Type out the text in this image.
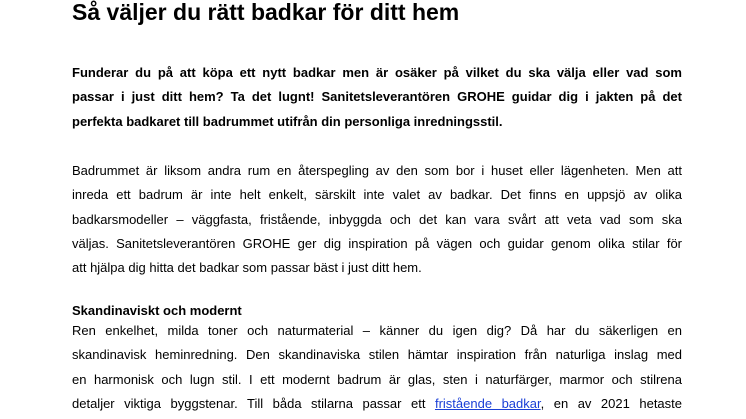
Så väljer du rätt badkar för ditt hem
Funderar du på att köpa ett nytt badkar men är osäker på vilket du ska välja eller vad som
passar i just ditt hem? Ta det lugnt! Sanitetsleverantören GROHE guidar dig i jakten på det
perfekta badkaret till badrummet utifrån din personliga inredningsstil.
Badrummet är liksom andra rum en återspegling av den som bor i huset eller lägenheten. Men att
inreda ett badrum är inte helt enkelt, särskilt inte valet av badkar. Det finns en uppsjö av olika
badkarsmodeller – väggfasta, fristående, inbyggda och det kan vara svårt att veta vad som ska
väljas. Sanitetsleverantören GROHE ger dig inspiration på vägen och guidar genom olika stilar för
att hjälpa dig hitta det badkar som passar bäst i just ditt hem.
Skandinaviskt och modernt
Ren enkelhet, milda toner och naturmaterial – känner du igen dig? Då har du säkerligen en
skandinavisk heminredning. Den skandinaviska stilen hämtar inspiration från naturliga inslag med
en harmonisk och lugn stil. I ett modernt badrum är glas, sten i naturfärger, marmor och stilrena
detaljer viktiga byggstenar. Till båda stilarna passar ett fristående badkar, en av 2021 hetaste
